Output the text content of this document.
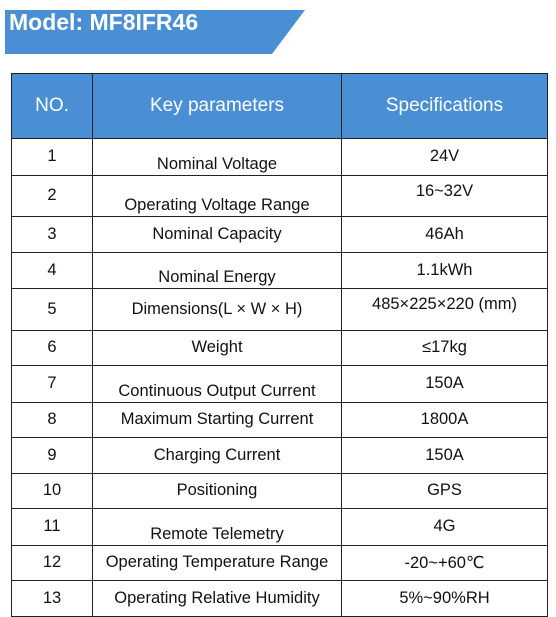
Model: MF8IFR46
NO.	Key parameters	Specifications
1	Nominal Voltage	24V
2	Operating Voltage Range	16~32V
3	Nominal Capacity	46Ah
4	Nominal Energy	1.1kWh
5	Dimensions(L × W × H)	485×225×220 (mm)
6	Weight	≤17kg
7	Continuous Output Current	150A
8	Maximum Starting Current	1800A
9	Charging Current	150A
10	Positioning	GPS
11	Remote Telemetry	4G
12	Operating Temperature Range	-20~+60℃
13	Operating Relative Humidity	5%~90%RH
